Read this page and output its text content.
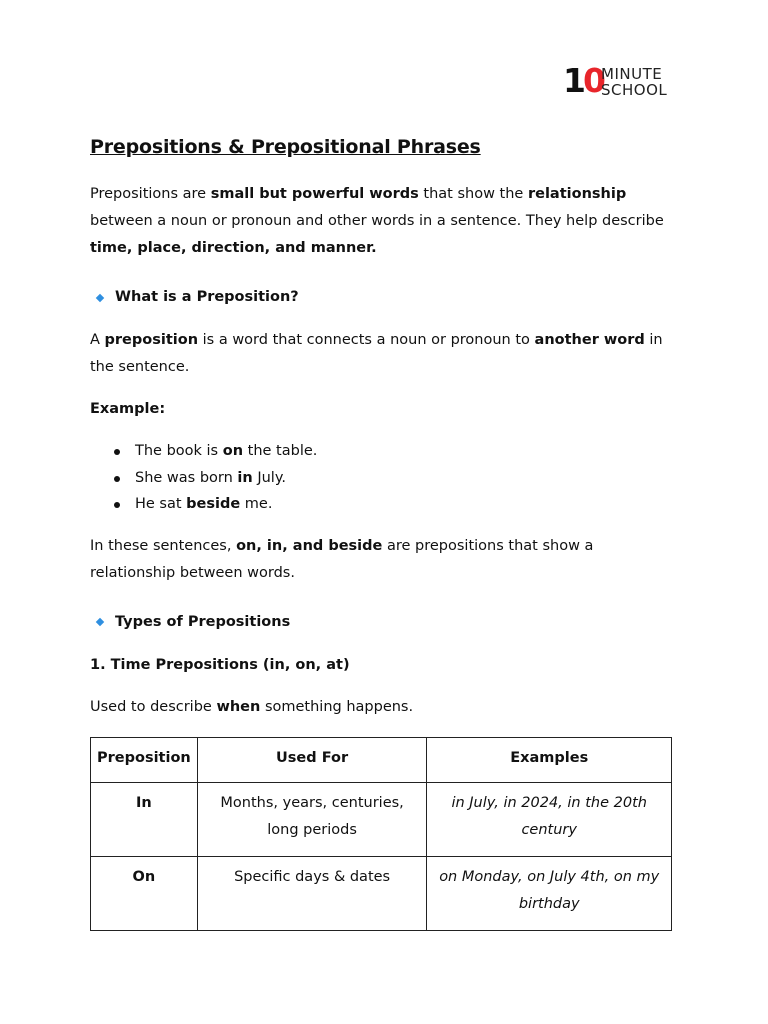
10
MINUTE
SCHOOL
Prepositions & Prepositional Phrases

Prepositions are small but powerful words that show the relationship between a noun or pronoun and other words in a sentence. They help describe time, place, direction, and manner.

What is a Preposition?

A preposition is a word that connects a noun or pronoun to another word in the sentence.

Example:
The book is on the table.
She was born in July.
He sat beside me.

In these sentences, on, in, and beside are prepositions that show a relationship between words.

Types of Prepositions
1. Time Prepositions (in, on, at)

Used to describe when something happens.

Preposition	Used For	Examples
In	Months, years, centuries, long periods	in July, in 2024, in the 20th century
On	Specific days & dates	on Monday, on July 4th, on my birthday
